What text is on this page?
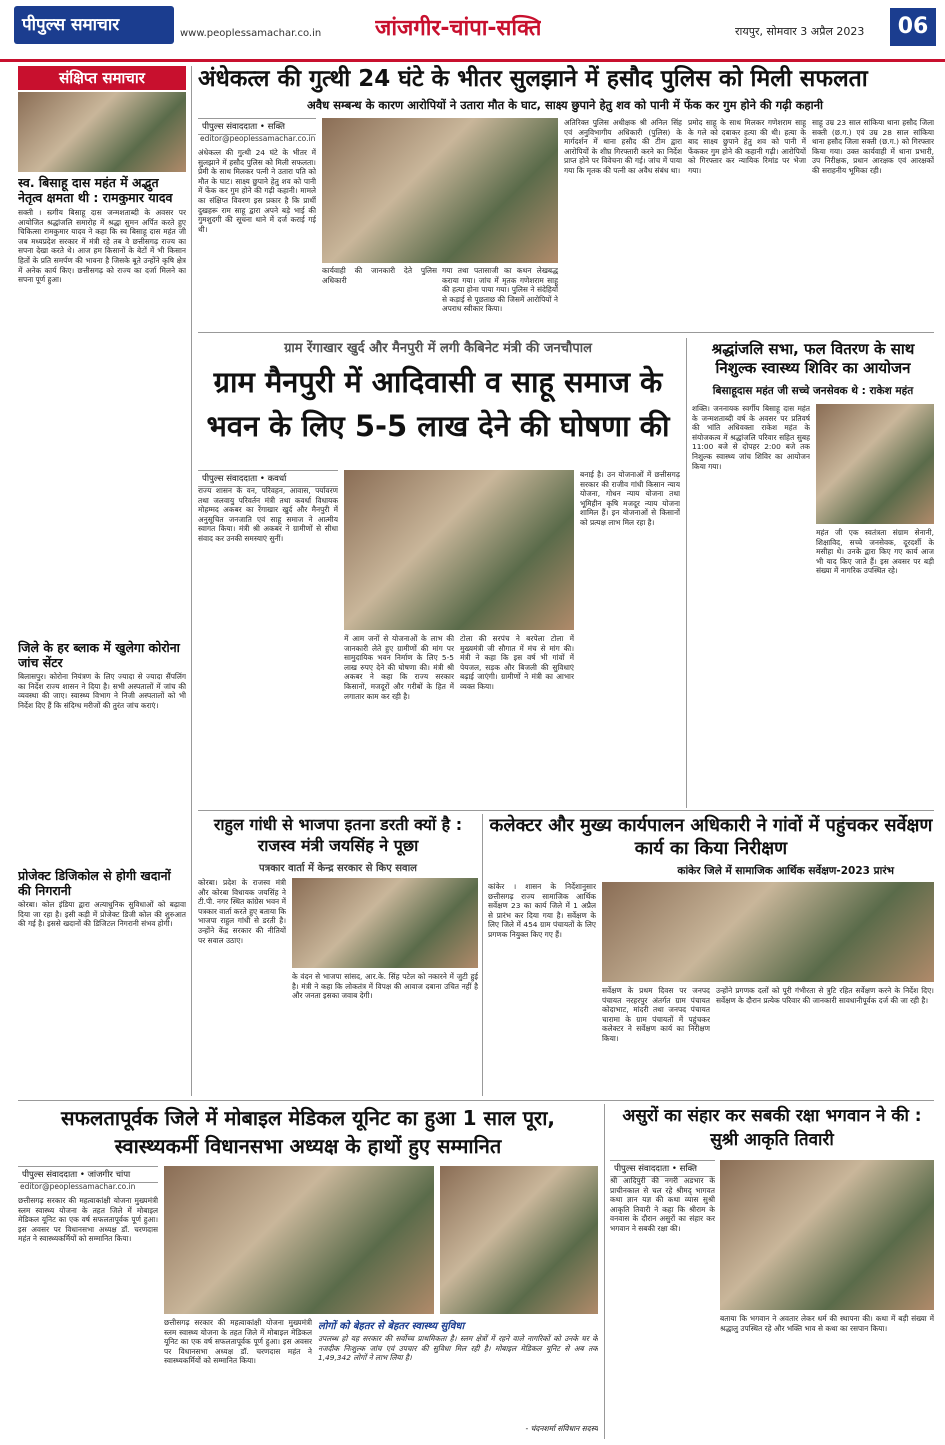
पीपुल्स समाचार	www.peoplessamachar.co.in जांजगीर-चांपा-सक्ति	रायपुर, सोमवार 3 अप्रैल 2023	06
संक्षिप्त समाचार
स्व. बिसाहू दास महंत में अद्भुत नेतृत्व क्षमता थी : रामकुमार यादव
सक्ती । स्व्र्गीय बिसाहू दास जन्मशताब्दी के अवसर पर आयोजित श्रद्धांजलि समारोह में श्रद्धा सुमन अर्पित करते हुए चिकित्सा रामकुमार यादव ने कहा कि स्व बिसाहू दास महंत जी जब मध्यप्रदेश सरकार में मंत्री रहे तब वे छत्तीसगढ़ राज्य का सपना देखा करते थे। आज हम किसानों के बेटों में भी किसान हितों के प्रति समर्पण की भावना है जिसके बूते उन्होंने कृषि क्षेत्र में अनेक कार्य किए। छत्तीसगढ़ को राज्य का दर्जा मिलने का सपना पूर्ण हुआ।
जिले के हर ब्लाक में खुलेगा कोरोना जांच सेंटर
बिलासपुर। कोरोना नियंत्रण के लिए ज्यादा से ज्यादा सैंपलिंग का निर्देश राज्य शासन ने दिया है। सभी अस्पतालों में जांच की व्यवस्था की जाए। स्वास्थ्य विभाग ने निजी अस्पतालों को भी निर्देश दिए हैं कि संदिग्ध मरीजों की तुरंत जांच कराएं।
प्रोजेक्ट डिजिकोल से होगी खदानों की निगरानी
कोरबा। कोल इंडिया द्वारा अत्याधुनिक सुविधाओं को बढ़ावा दिया जा रहा है। इसी कड़ी में प्रोजेक्ट डिजी कोल की शुरुआत की गई है। इससे खदानों की डिजिटल निगरानी संभव होगी।
अंधेकत्ल की गुत्थी 24 घंटे के भीतर सुलझाने में हसौद पुलिस को मिली सफलता
अवैध सम्बन्ध के कारण आरोपियों ने उतारा मौत के घाट, साक्ष्य छुपाने हेतु शव को पानी में फेंक कर गुम होने की गढ़ी कहानी
पीपुल्स संवाददाता • सक्ति
editor@peoplessamachar.co.in
अंधेकत्ल की गुत्थी 24 घंटे के भीतर में सुलझाने में हसौद पुलिस को मिली सफलता। प्रेमी के साथ मिलकर पत्नी ने उतारा पति को मौत के घाट। साक्ष्य छुपाने हेतु शव को पानी में फेंक कर गुम होने की गढ़ी कहानी। मामले का संक्षिप्त विवरण इस प्रकार है कि प्रार्थी दुखहरू राम साहू द्वारा अपने बड़े भाई की गुमशुदगी की सूचना थाने में दर्ज कराई गई थी।
कार्यवाही की जानकारी देते पुलिस अधिकारी
गया तथा पतासाजी का कथन लेखबद्ध कराया गया। जांच में मृतक गणेशराम साहू की हत्या होना पाया गया। पुलिस ने संदेहियों से कड़ाई से पूछताछ की जिसमें आरोपियों ने अपराध स्वीकार किया।
अतिरिक्त पुलिस अधीक्षक श्री अनिल सिंह एवं अनुविभागीय अधिकारी (पुलिस) के मार्गदर्शन में थाना हसौद की टीम द्वारा आरोपियों के शीघ्र गिरफ्तारी करने का निर्देश प्राप्त होने पर विवेचना की गई। जांच में पाया गया कि मृतक की पत्नी का अवैध संबंध था।
प्रमोद साहू के साथ मिलकर गणेशराम साहू के गले को दबाकर हत्या की थी। हत्या के बाद साक्ष्य छुपाने हेतु शव को पानी में फेंककर गुम होने की कहानी गढ़ी। आरोपियों को गिरफ्तार कर न्यायिक रिमांड पर भेजा गया।
साहू उम्र 23 साल सांकिया थाना हसौद जिला सक्ती (छ.ग.) एवं उम्र 28 साल सांकिया थाना हसौद जिला सक्ती (छ.ग.) को गिरफ्तार किया गया। उक्त कार्यवाही में थाना प्रभारी, उप निरीक्षक, प्रधान आरक्षक एवं आरक्षकों की सराहनीय भूमिका रही।
ग्राम रेंगाखार खुर्द और मैनपुरी में लगी कैबिनेट मंत्री की जनचौपाल
ग्राम मैनपुरी में आदिवासी व साहू समाज के भवन के लिए 5-5 लाख देने की घोषणा की
पीपुल्स संवाददाता • कवर्धा
राज्य शासन के वन, परिवहन, आवास, पर्यावरण तथा जलवायु परिवर्तन मंत्री तथा कवर्धा विधायक मोहम्मद अकबर का रेंगाखार खुर्द और मैनपुरी में अनुसूचित जनजाति एवं साहू समाज ने आत्मीय स्वागत किया। मंत्री श्री अकबर ने ग्रामीणों से सीधा संवाद कर उनकी समस्याएं सुनीं।
में आम जनों से योजनाओं के लाभ की जानकारी लेते हुए ग्रामीणों की मांग पर सामुदायिक भवन निर्माण के लिए 5-5 लाख रुपए देने की घोषणा की। मंत्री श्री अकबर ने कहा कि राज्य सरकार किसानों, मजदूरों और गरीबों के हित में लगातार काम कर रही है।
टोला की सरपंच ने बरपेला टोला में मुख्यमंत्री जी सौगात में मंच से मांग की। मंत्री ने कहा कि इस वर्ष भी गांवों में पेयजल, सड़क और बिजली की सुविधाएं बढ़ाई जाएंगी। ग्रामीणों ने मंत्री का आभार व्यक्त किया।
बनाई है। उन योजनाओं में छत्तीसगढ़ सरकार की राजीव गांधी किसान न्याय योजना, गोधन न्याय योजना तथा भूमिहीन कृषि मजदूर न्याय योजना शामिल हैं। इन योजनाओं से किसानों को प्रत्यक्ष लाभ मिल रहा है।
श्रद्धांजलि सभा, फल वितरण के साथ निशुल्क स्वास्थ्य शिविर का आयोजन
बिसाहूदास महंत जी सच्चे जनसेवक थे : राकेश महंत
शक्ति। जननायक स्वर्गीय बिसाहू दास महंत के जन्मशताब्दी वर्ष के अवसर पर प्रतिवर्ष की भांति अधिवक्ता राकेश महंत के संयोजकत्व में श्रद्धांजलि परिवार सहित सुबह 11:00 बजे से दोपहर 2:00 बजे तक निशुल्क स्वास्थ्य जांच शिविर का आयोजन किया गया।
महंत जी एक स्वतंत्रता संग्राम सेनानी, शिक्षाविद, सच्चे जनसेवक, दूरदर्शी के मसीहा थे। उनके द्वारा किए गए कार्य आज भी याद किए जाते हैं। इस अवसर पर बड़ी संख्या में नागरिक उपस्थित रहे।
राहुल गांधी से भाजपा इतना डरती क्यों है : राजस्व मंत्री जयसिंह ने पूछा
पत्रकार वार्ता में केन्द्र सरकार से किए सवाल
कोरबा। प्रदेश के राजस्व मंत्री और कोरबा विधायक जयसिंह ने टी.पी. नगर स्थित कांग्रेस भवन में पत्रकार वार्ता करते हुए बताया कि भाजपा राहुल गांधी से डरती है। उन्होंने केंद्र सरकार की नीतियों पर सवाल उठाए।
के वंदन से भाजपा सांसद, आर.के. सिंह पटेल को नकारने में जुटी हुई है। मंत्री ने कहा कि लोकतंत्र में विपक्ष की आवाज दबाना उचित नहीं है और जनता इसका जवाब देगी।
कलेक्टर और मुख्य कार्यपालन अधिकारी ने गांवों में पहुंचकर सर्वेक्षण कार्य का किया निरीक्षण
कांकेर जिले में सामाजिक आर्थिक सर्वेक्षण-2023 प्रारंभ
कांकेर । शासन के निर्देशानुसार छत्तीसगढ़ राज्य सामाजिक आर्थिक सर्वेक्षण 23 का कार्य जिले में 1 अप्रैल से प्रारंभ कर दिया गया है। सर्वेक्षण के लिए जिले में 454 ग्राम पंचायतों के लिए प्रगणक नियुक्त किए गए हैं।
सर्वेक्षण के प्रथम दिवस पर जनपद पंचायत नरहरपुर अंतर्गत ग्राम पंचायत कोदाभाट, मांदरी तथा जनपद पंचायत चारामा के ग्राम पंचायतों में पहुंचकर कलेक्टर ने सर्वेक्षण कार्य का निरीक्षण किया।
उन्होंने प्रगणक दलों को पूरी गंभीरता से त्रुटि रहित सर्वेक्षण करने के निर्देश दिए। सर्वेक्षण के दौरान प्रत्येक परिवार की जानकारी सावधानीपूर्वक दर्ज की जा रही है।
सफलतापूर्वक जिले में मोबाइल मेडिकल यूनिट का हुआ 1 साल पूरा, स्वास्थ्यकर्मी विधानसभा अध्यक्ष के हाथों हुए सम्मानित
पीपुल्स संवाददाता • जांजगीर चांपा
editor@peoplessamachar.co.in
छत्तीसगढ़ सरकार की महत्वाकांक्षी योजना मुख्यमंत्री स्लम स्वास्थ्य योजना के तहत जिले में मोबाइल मेडिकल यूनिट का एक वर्ष सफलतापूर्वक पूर्ण हुआ। इस अवसर पर विधानसभा अध्यक्ष डॉ. चरणदास महंत ने स्वास्थ्यकर्मियों को सम्मानित किया।
लोगों को बेहतर से बेहतर स्वास्थ्य सुविधा
उपलब्ध हो यह सरकार की सर्वोच्च प्राथमिकता है। स्लम क्षेत्रों में रहने वाले नागरिकों को उनके घर के नजदीक निःशुल्क जांच एवं उपचार की सुविधा मिल रही है। मोबाइल मेडिकल यूनिट से अब तक 1,49,342 लोगों ने लाभ लिया है।
- चंदनशर्मा संविधान सदस्य
छत्तीसगढ़ सरकार की महत्वाकांक्षी योजना मुख्यमंत्री स्लम स्वास्थ्य योजना के तहत जिले में मोबाइल मेडिकल यूनिट का एक वर्ष सफलतापूर्वक पूर्ण हुआ। इस अवसर पर विधानसभा अध्यक्ष डॉ. चरणदास महंत ने स्वास्थ्यकर्मियों को सम्मानित किया।
असुरों का संहार कर सबकी रक्षा भगवान ने की : सुश्री आकृति तिवारी
पीपुल्स संवाददाता • सक्ति
श्री आदिपुरी की नगरी अडभार के प्राचीनकाल से चल रहे श्रीमद् भागवत कथा ज्ञान यज्ञ की कथा व्यास सुश्री आकृति तिवारी ने कहा कि श्रीराम के वनवास के दौरान असुरों का संहार कर भगवान ने सबकी रक्षा की।
बताया कि भगवान ने अवतार लेकर धर्म की स्थापना की। कथा में बड़ी संख्या में श्रद्धालु उपस्थित रहे और भक्ति भाव से कथा का रसपान किया।
